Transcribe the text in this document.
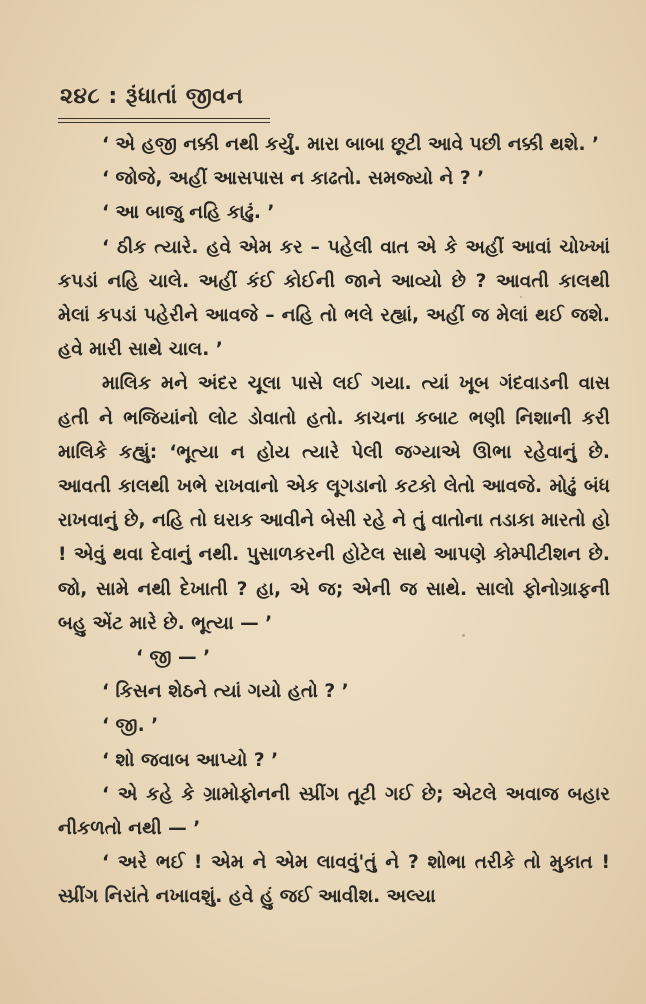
૨૪૮ : રૂંધાતાં જીવન

‘ એ હજી નક્કી નથી કર્યું. મારા બાબા છૂટી આવે પછી નક્કી થશે. ’

‘ જોજે, અહીં આસપાસ ન કાઢતો. સમજ્યો ને ? ’

‘ આ બાજુ નહિ કાઢું. ’

‘ ઠીક ત્યારે. હવે એમ કર – પહેલી વાત એ કે અહીં આવાં ચોખ્ખાં કપડાં નહિ ચાલે. અહીં કંઈ કોઈની જાને આવ્યો છે ? આવતી કાલથી મેલાં કપડાં પહેરીને આવજે – નહિ તો ભલે રહ્યાં, અહીં જ મેલાં થઈ જશે. હવે મારી સાથે ચાલ. ’

માલિક મને અંદર ચૂલા પાસે લઈ ગયા. ત્યાં ખૂબ ગંદવાડની વાસ હતી ને ભજિયાંનો લોટ ડોવાતો હતો. કાચના કબાટ ભણી નિશાની કરી માલિકે કહ્યું: ‘ભૂત્યા ન હોય ત્યારે પેલી જગ્યાએ ઊભા રહેવાનું છે. આવતી કાલથી ખભે રાખવાનો એક લૂગડાનો કટકો લેતો આવજે. મોઢું બંધ રાખવાનું છે, નહિ તો ઘરાક આવીને બેસી રહે ને તું વાતોના તડાકા મારતો હો ! એવું થવા દેવાનું નથી. પુસાળકરની હોટેલ સાથે આપણે કોમ્પીટીશન છે. જો, સામે નથી દેખાતી ? હા, એ જ; એની જ સાથે. સાલો ફોનોગ્રાફની બહુ એંટ મારે છે. ભૂત્યા — ’

‘ જી — ’

‘ કિસન શેઠને ત્યાં ગયો હતો ? ’

‘ જી. ’

‘ શો જવાબ આપ્યો ? ’

‘ એ કહે કે ગ્રામોફોનની સ્પ્રીંગ તૂટી ગઈ છે; એટલે અવાજ બહાર નીકળતો નથી — ’

‘ અરે ભઈ ! એમ ને એમ લાવવું'તું ને ? શોભા તરીકે તો મુકાત ! સ્પ્રીંગ નિરાંતે નખાવશું. હવે હું જઈ આવીશ. અલ્યા
